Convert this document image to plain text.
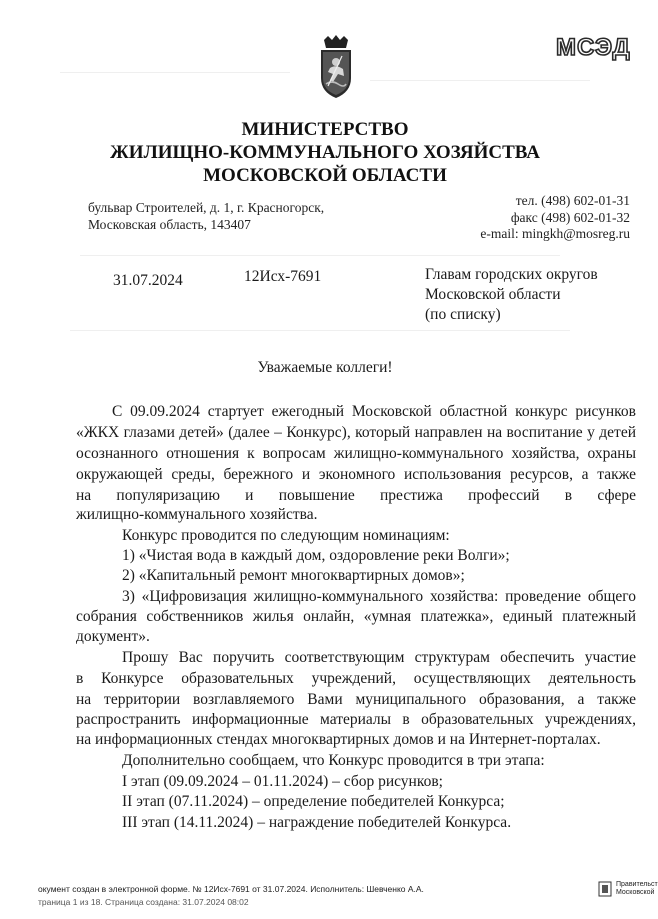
МСЭД
МИНИСТЕРСТВО
ЖИЛИЩНО-КОММУНАЛЬНОГО ХОЗЯЙСТВА
МОСКОВСКОЙ ОБЛАСТИ
бульвар Строителей, д. 1, г. Красногорск,
Московская область, 143407
тел. (498) 602-01-31
факс (498) 602-01-32
e-mail: mingkh@mosreg.ru
31.07.2024	12Исх-7691	Главам городских округов
Московской области
(по списку)
Уважаемые коллеги!
С 09.09.2024 стартует ежегодный Московской областной конкурс рисунков
«ЖКХ глазами детей» (далее – Конкурс), который направлен на воспитание у детей
осознанного отношения к вопросам жилищно-коммунального хозяйства, охраны
окружающей среды, бережного и экономного использования ресурсов, а также
на популяризацию и повышение престижа профессий в сфере
жилищно-коммунального хозяйства.
Конкурс проводится по следующим номинациям:
1) «Чистая вода в каждый дом, оздоровление реки Волги»;
2) «Капитальный ремонт многоквартирных домов»;
3) «Цифровизация жилищно-коммунального хозяйства: проведение общего
собрания собственников жилья онлайн, «умная платежка», единый платежный
документ».
Прошу Вас поручить соответствующим структурам обеспечить участие
в Конкурсе образовательных учреждений, осуществляющих деятельность
на территории возглавляемого Вами муниципального образования, а также
распространить информационные материалы в образовательных учреждениях,
на информационных стендах многоквартирных домов и на Интернет-порталах.
Дополнительно сообщаем, что Конкурс проводится в три этапа:
I этап (09.09.2024 – 01.11.2024) – сбор рисунков;
II этап (07.11.2024) – определение победителей Конкурса;
III этап (14.11.2024) – награждение победителей Конкурса.
окумент создан в электронной форме. № 12Исх-7691 от 31.07.2024. Исполнитель: Шевченко А.А.
траница 1 из 18. Страница создана: 31.07.2024 08:02
Правительст
Московской
